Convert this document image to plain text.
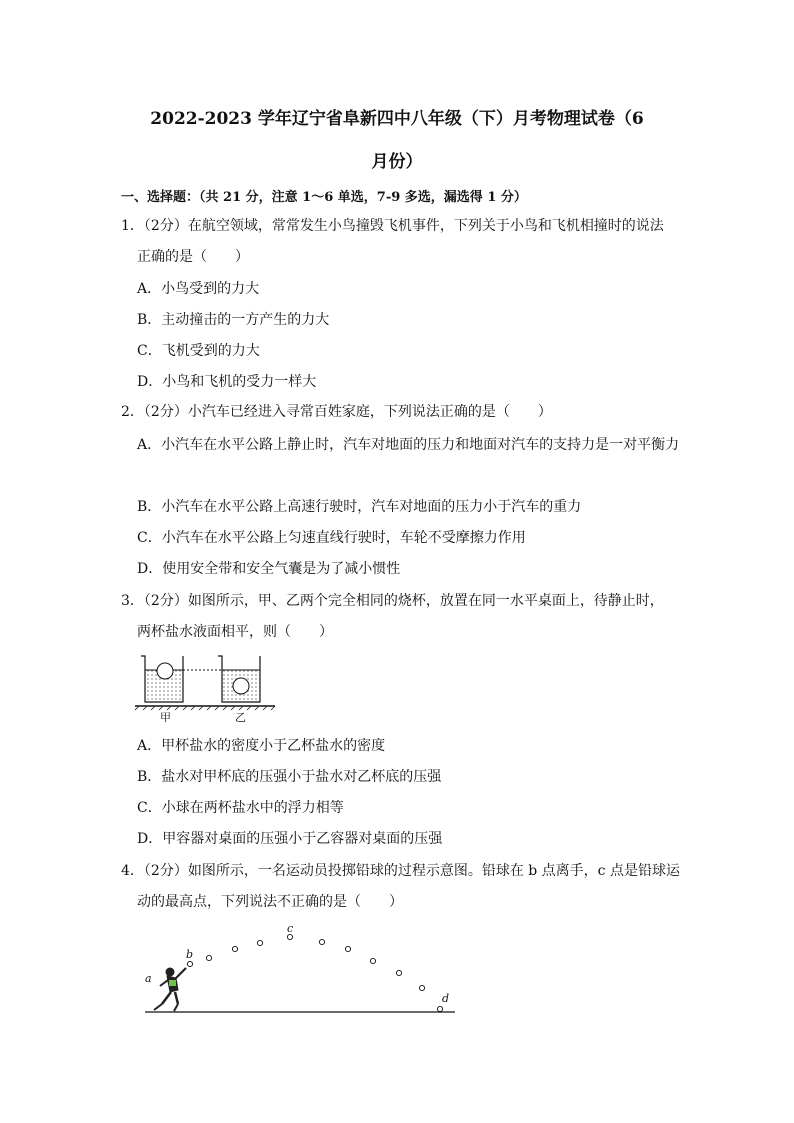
2022-2023 学年辽宁省阜新四中八年级（下）月考物理试卷（6
月份）
一、选择题：（共 21 分，注意 1～6 单选，7-9 多选，漏选得 1 分）
1．（2分）在航空领域，常常发生小鸟撞毁飞机事件，下列关于小鸟和飞机相撞时的说法
正确的是（　　）
A．小鸟受到的力大
B．主动撞击的一方产生的力大
C．飞机受到的力大
D．小鸟和飞机的受力一样大
2．（2分）小汽车已经进入寻常百姓家庭，下列说法正确的是（　　）
A．小汽车在水平公路上静止时，汽车对地面的压力和地面对汽车的支持力是一对平衡力
B．小汽车在水平公路上高速行驶时，汽车对地面的压力小于汽车的重力
C．小汽车在水平公路上匀速直线行驶时，车轮不受摩擦力作用
D．使用安全带和安全气囊是为了减小惯性
3．（2分）如图所示，甲、乙两个完全相同的烧杯，放置在同一水平桌面上，待静止时，
两杯盐水液面相平，则（　　）
甲	乙
A．甲杯盐水的密度小于乙杯盐水的密度
B．盐水对甲杯底的压强小于盐水对乙杯底的压强
C．小球在两杯盐水中的浮力相等
D．甲容器对桌面的压强小于乙容器对桌面的压强
4．（2分）如图所示，一名运动员投掷铅球的过程示意图。铅球在 b 点离手，c 点是铅球运
动的最高点，下列说法不正确的是（　　）
a
b
c
d
